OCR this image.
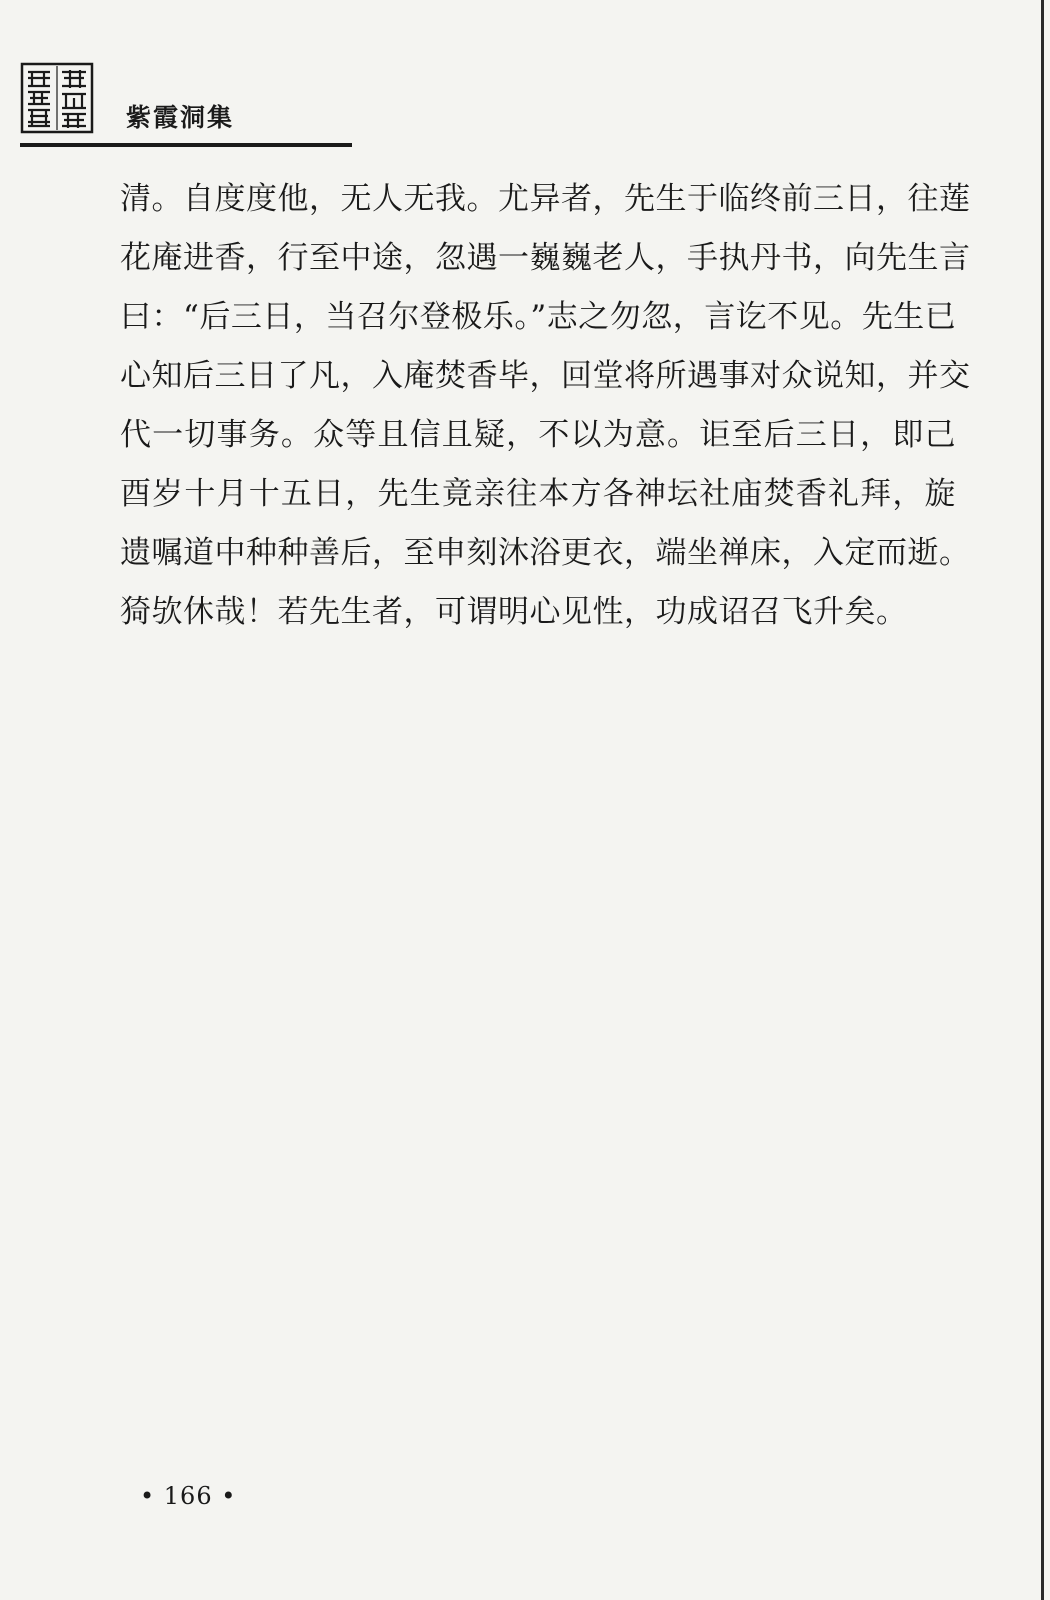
紫霞洞集
清。自度度他，无人无我。尤异者，先生于临终前三日，往莲
花庵进香，行至中途，忽遇一巍巍老人，手执丹书，向先生言
曰：“后三日，当召尔登极乐。”志之勿忽，言讫不见。先生已
心知后三日了凡，入庵焚香毕，回堂将所遇事对众说知，并交
代一切事务。众等且信且疑，不以为意。讵至后三日，即己
酉岁十月十五日，先生竟亲往本方各神坛社庙焚香礼拜，旋
遗嘱道中种种善后，至申刻沐浴更衣，端坐禅床，入定而逝。
猗欤休哉！若先生者，可谓明心见性，功成诏召飞升矣。
• 166 •
